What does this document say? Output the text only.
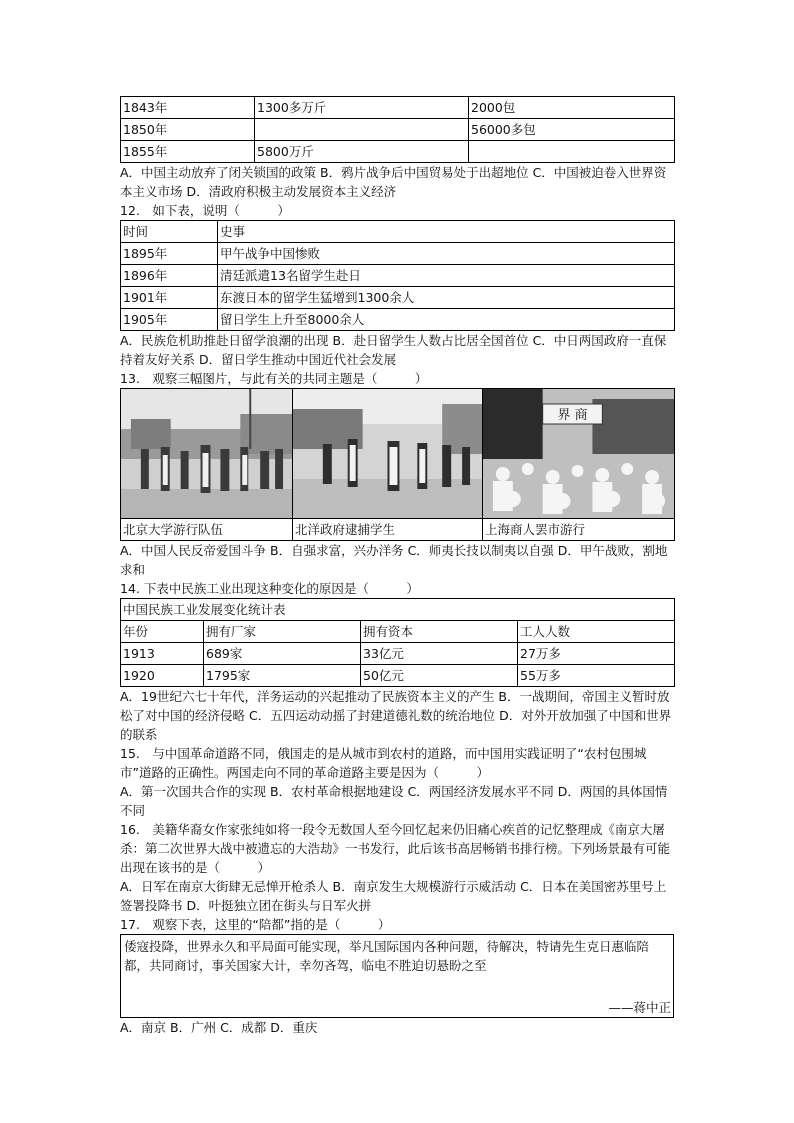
1843年	1300多万斤	2000包
1850年		56000多包
1855年	5800万斤	

A．中国主动放弃了闭关锁国的政策 B．鸦片战争后中国贸易处于出超地位 C．中国被迫卷入世界资本主义市场 D．清政府积极主动发展资本主义经济

12.　如下表，说明（　　　）

时间	史事
1895年	甲午战争中国惨败
1896年	清廷派遣13名留学生赴日
1901年	东渡日本的留学生猛增到1300余人
1905年	留日学生上升至8000余人

A．民族危机助推赴日留学浪潮的出现 B．赴日留学生人数占比居全国首位 C．中日两国政府一直保持着友好关系 D．留日学生推动中国近代社会发展

13.　观察三幅图片，与此有关的共同主题是（　　　）

界 商

北京大学游行队伍	北洋政府逮捕学生	上海商人罢市游行

A．中国人民反帝爱国斗争 B．自强求富，兴办洋务 C．师夷长技以制夷以自强 D．甲午战败，割地求和

14. 下表中民族工业出现这种变化的原因是（　　　）

中国民族工业发展变化统计表			
年份	拥有厂家	拥有资本	工人人数
1913	689家	33亿元	27万多
1920	1795家	50亿元	55万多

A．19世纪六七十年代，洋务运动的兴起推动了民族资本主义的产生 B．一战期间，帝国主义暂时放松了对中国的经济侵略 C．五四运动动摇了封建道德礼数的统治地位 D．对外开放加强了中国和世界的联系

15.　与中国革命道路不同，俄国走的是从城市到农村的道路，而中国用实践证明了“农村包围城市”道路的正确性。两国走向不同的革命道路主要是因为（　　　）

A．第一次国共合作的实现 B．农村革命根据地建设 C．两国经济发展水平不同 D．两国的具体国情不同

16.　美籍华裔女作家张纯如将一段令无数国人至今回忆起来仍旧痛心疾首的记忆整理成《南京大屠杀：第二次世界大战中被遗忘的大浩劫》一书发行，此后该书高居畅销书排行榜。下列场景最有可能出现在该书的是（　　　）

A．日军在南京大街肆无忌惮开枪杀人 B．南京发生大规模游行示威活动 C．日本在美国密苏里号上签署投降书 D．叶挺独立团在街头与日军火拼

17.　观察下表，这里的“陪都”指的是（　　　）

倭寇投降，世界永久和平局面可能实现，举凡国际国内各种问题，待解决，特请先生克日惠临陪都，共同商讨，事关国家大计，幸勿吝驾，临电不胜迫切悬盼之至

——蒋中正

A．南京 B．广州 C．成都 D．重庆
